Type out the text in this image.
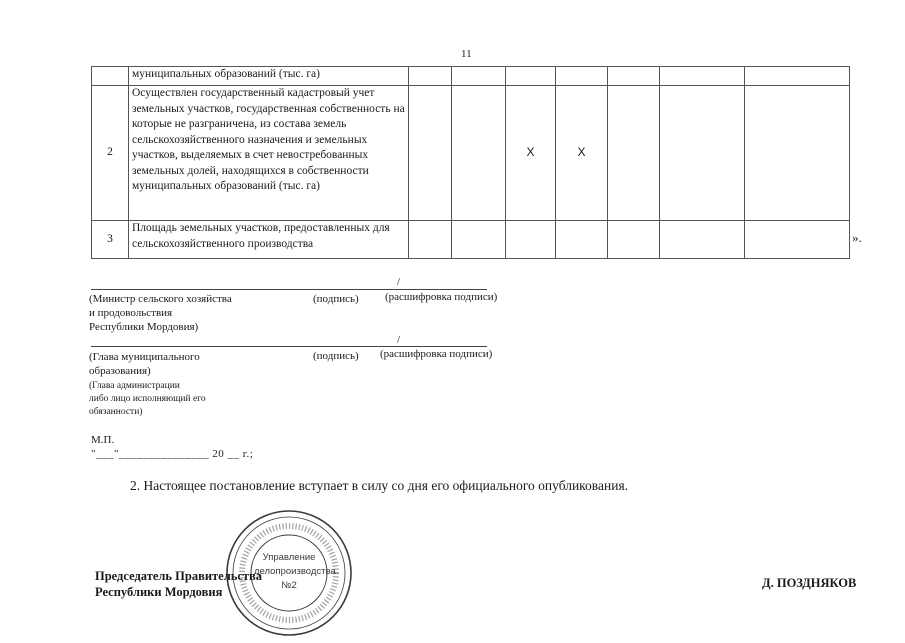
11
	муниципальных образований (тыс. га)							
2	Осуществлен государственный кадастровый учет земельных участков, государственная собственность на которые не разграничена, из состава земель сельскохозяйственного назначения и земельных участков, выделяемых в счет невостребованных земельных долей, находящихся в собственности муниципальных образований (тыс. га)			X	X			
3	Площадь земельных участков, предоставленных для сельскохозяйственного производства								».
/
(Министр сельского хозяйства
и продовольствия
Республики Мордовия)
(подпись) (расшифровка подписи)
/
(Глава муниципального
образования)
(Глава администрации
либо лицо исполняющий его
обязанности)
(подпись) (расшифровка подписи)
М.П.
"___"_______________ 20 __ г.;
2. Настоящее постановление вступает в силу со дня его официального опубликования.
Управление
делопроизводства
№2
Председатель Правительства
Республики Мордовия
Д. ПОЗДНЯКОВ
